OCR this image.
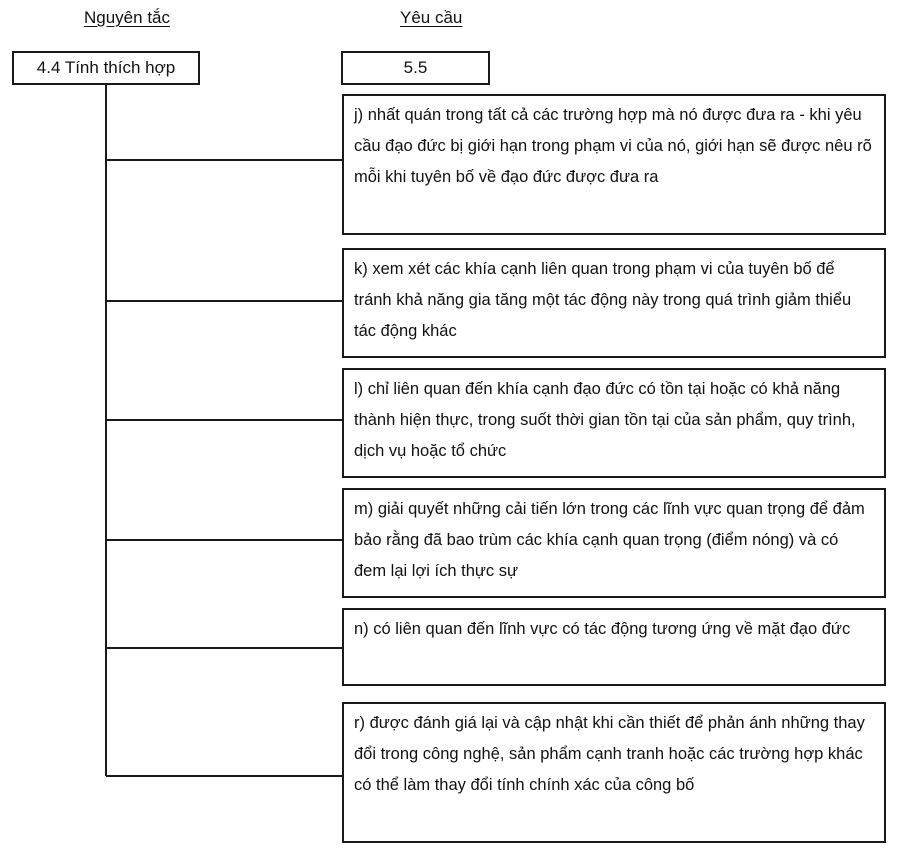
Nguyên tắc	Yêu cầu
4.4 Tính thích hợp	5.5
j) nhất quán trong tất cả các trường hợp mà nó được đưa ra - khi yêu cầu đạo đức bị giới hạn trong phạm vi của nó, giới hạn sẽ được nêu rõ mỗi khi tuyên bố về đạo đức được đưa ra
k) xem xét các khía cạnh liên quan trong phạm vi của tuyên bố để tránh khả năng gia tăng một tác động này trong quá trình giảm thiểu tác động khác
l) chỉ liên quan đến khía cạnh đạo đức có tồn tại hoặc có khả năng thành hiện thực, trong suốt thời gian tồn tại của sản phẩm, quy trình, dịch vụ hoặc tổ chức
m) giải quyết những cải tiến lớn trong các lĩnh vực quan trọng để đảm bảo rằng đã bao trùm các khía cạnh quan trọng (điểm nóng) và có đem lại lợi ích thực sự
n) có liên quan đến lĩnh vực có tác động tương ứng về mặt đạo đức
r) được đánh giá lại và cập nhật khi cần thiết để phản ánh những thay đổi trong công nghệ, sản phẩm cạnh tranh hoặc các trường hợp khác có thể làm thay đổi tính chính xác của công bố
